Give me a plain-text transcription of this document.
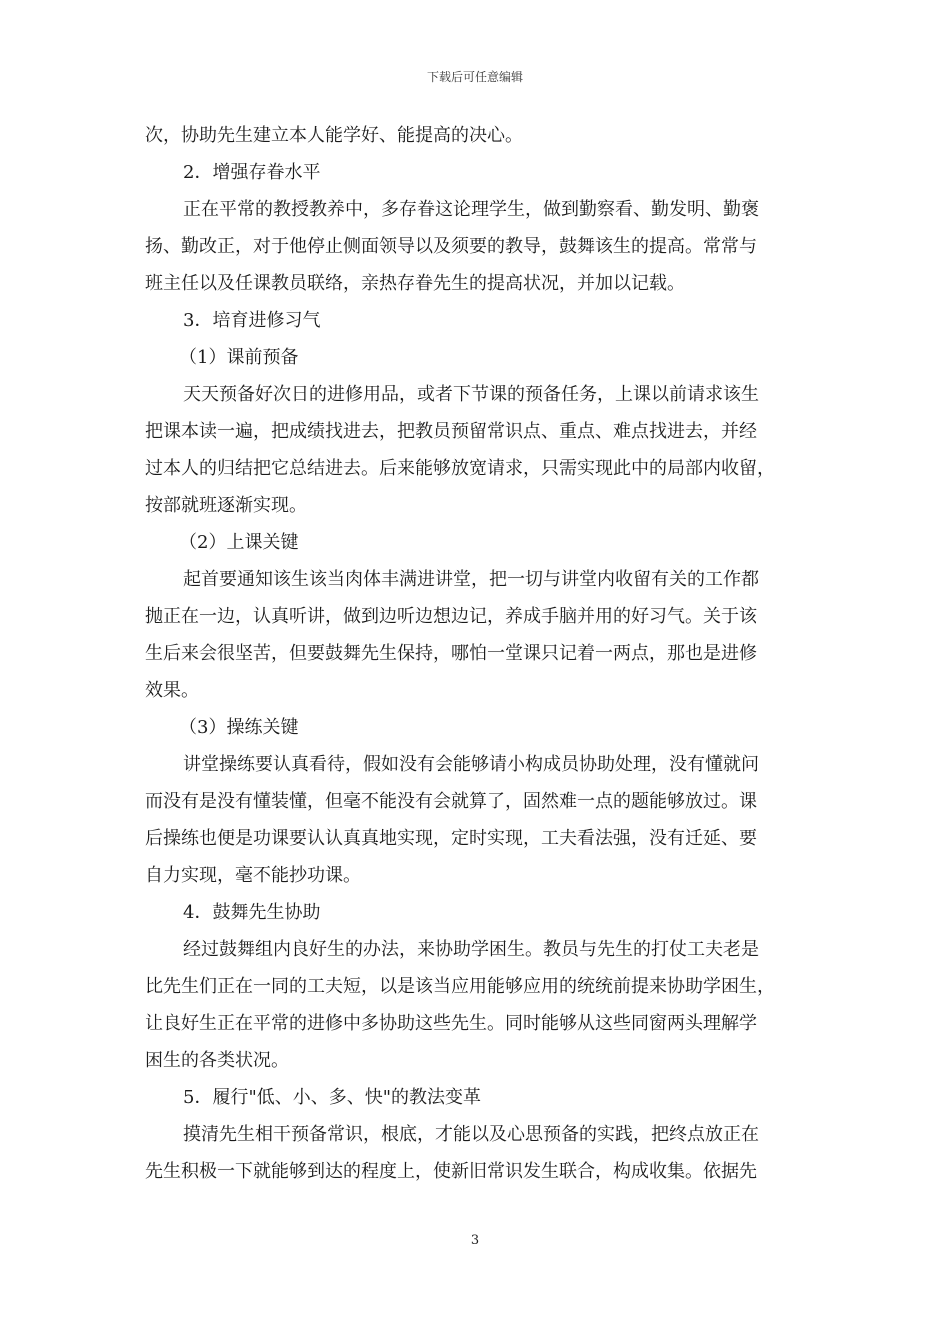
下载后可任意编辑
次，协助先生建立本人能学好、能提高的决心。
2．增强存眷水平
正在平常的教授教养中，多存眷这论理学生，做到勤察看、勤发明、勤褒
扬、勤改正，对于他停止侧面领导以及须要的教导，鼓舞该生的提高。常常与
班主任以及任课教员联络，亲热存眷先生的提高状况，并加以记载。
3．培育进修习气
（1）课前预备
天天预备好次日的进修用品，或者下节课的预备任务，上课以前请求该生
把课本读一遍，把成绩找进去，把教员预留常识点、重点、难点找进去，并经
过本人的归结把它总结进去。后来能够放宽请求，只需实现此中的局部内收留，
按部就班逐渐实现。
（2）上课关键
起首要通知该生该当肉体丰满进讲堂，把一切与讲堂内收留有关的工作都
抛正在一边，认真听讲，做到边听边想边记，养成手脑并用的好习气。关于该
生后来会很坚苦，但要鼓舞先生保持，哪怕一堂课只记着一两点，那也是进修
效果。
（3）操练关键
讲堂操练要认真看待，假如没有会能够请小构成员协助处理，没有懂就问
而没有是没有懂装懂，但毫不能没有会就算了，固然难一点的题能够放过。课
后操练也便是功课要认认真真地实现，定时实现，工夫看法强，没有迁延、要
自力实现，毫不能抄功课。
4．鼓舞先生协助
经过鼓舞组内良好生的办法，来协助学困生。教员与先生的打仗工夫老是
比先生们正在一同的工夫短，以是该当应用能够应用的统统前提来协助学困生，
让良好生正在平常的进修中多协助这些先生。同时能够从这些同窗两头理解学
困生的各类状况。
5．履行"低、小、多、快"的教法变革
摸清先生相干预备常识，根底，才能以及心思预备的实践，把终点放正在
先生积极一下就能够到达的程度上，使新旧常识发生联合，构成收集。依据先
3
